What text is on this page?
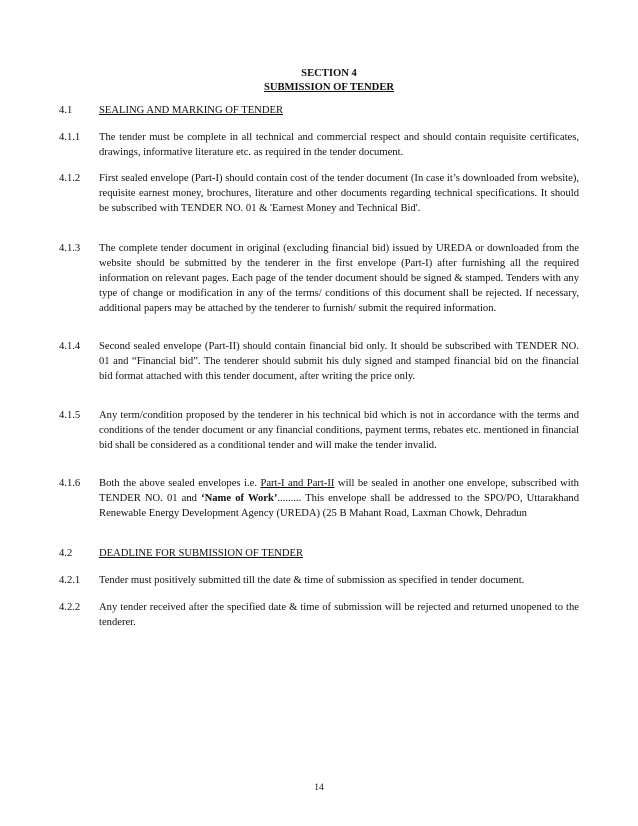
SECTION 4
SUBMISSION OF TENDER
4.1	SEALING AND MARKING OF TENDER
4.1.1	The tender must be complete in all technical and commercial respect and should contain requisite certificates, drawings, informative literature etc. as required in the tender document.
4.1.2	First sealed envelope (Part-I) should contain cost of the tender document (In case it’s downloaded from website), requisite earnest money, brochures, literature and other documents regarding technical specifications. It should be subscribed with TENDER NO. 01 & 'Earnest Money and Technical Bid'.
4.1.3	The complete tender document in original (excluding financial bid) issued by UREDA or downloaded from the website should be submitted by the tenderer in the first envelope (Part-I) after furnishing all the required information on relevant pages. Each page of the tender document should be signed & stamped. Tenders with any type of change or modification in any of the terms/ conditions of this document shall be rejected. If necessary, additional papers may be attached by the tenderer to furnish/ submit the required information.
4.1.4	Second sealed envelope (Part-II) should contain financial bid only. It should be subscribed with TENDER NO. 01 and “Financial bid”. The tenderer should submit his duly signed and stamped financial bid on the financial bid format attached with this tender document, after writing the price only.
4.1.5	Any term/condition proposed by the tenderer in his technical bid which is not in accordance with the terms and conditions of the tender document or any financial conditions, payment terms, rebates etc. mentioned in financial bid shall be considered as a conditional tender and will make the tender invalid.
4.1.6	Both the above sealed envelopes i.e. Part-I and Part-II will be sealed in another one envelope, subscribed with TENDER NO. 01 and ‘Name of Work’......... This envelope shall be addressed to the SPO/PO, Uttarakhand Renewable Energy Development Agency (UREDA) (25 B Mahant Road, Laxman Chowk, Dehradun
4.2	DEADLINE FOR SUBMISSION OF TENDER
4.2.1	Tender must positively submitted till the date & time of submission as specified in tender document.
4.2.2	Any tender received after the specified date & time of submission will be rejected and returned unopened to the tenderer.
14
